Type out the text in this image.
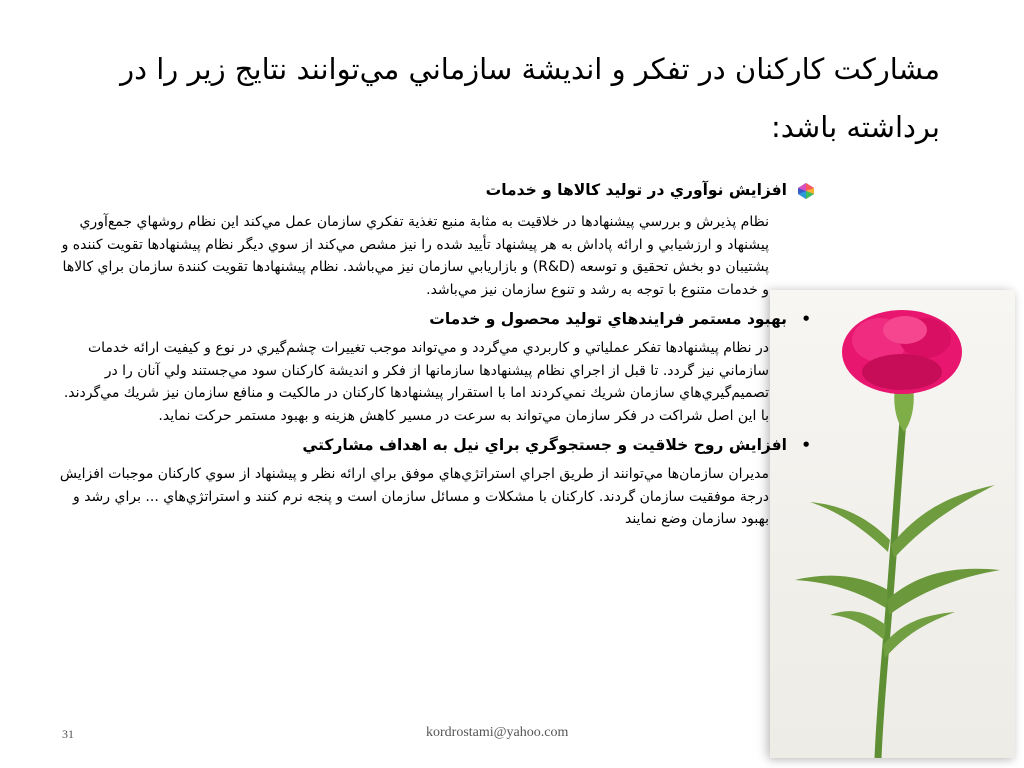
مشاركت كاركنان در تفكر و انديشة سازماني مي‌توانند نتايج زير را در برداشته باشد:
افزايش نوآوري در توليد كالاها و خدمات

نظام پذيرش و بررسي پيشنهادها در خلاقيت به مثابة منبع تغذية تفكري سازمان عمل مي‌كند اين نظام روشهاي جمع‌آوري پيشنهاد و ارزشيابي و ارائه پاداش به هر پيشنهاد تأييد شده را نيز مشص مي‌كند از سوي ديگر نظام پيشنهادها تقويت كننده و پشتيبان دو بخش تحقيق و توسعه (R&D) و بازاريابي سازمان نيز مي‌باشد. نظام پيشنهادها تقويت كنندة سازمان براي كالاها و خدمات متنوع با توجه به رشد و تنوع سازمان نيز مي‌باشد.

•
بهبود مستمر فرايندهاي توليد محصول و خدمات

در نظام پيشنهادها تفكر عملياتي و كاربردي مي‌گردد و مي‌تواند موجب تغييرات چشم‌گيري در نوع و كيفيت ارائه خدمات سازماني نيز گردد. تا قبل از اجراي نظام پيشنهادها سازمانها از فكر و انديشة كاركنان سود مي‌جستند ولي آنان را در تصميم‌گيري‌هاي سازمان شريك نمي‌كردند اما با استقرار پيشنهادها كاركنان در مالكيت و منافع سازمان نيز شريك مي‌گردند. با اين اصل شراكت در فكر سازمان مي‌تواند به سرعت در مسير كاهش هزينه و بهبود مستمر حركت نمايد.

•
افزايش روح خلاقيت و جستجوگري براي نيل به اهداف مشاركتي

مديران سازمان‌ها مي‌توانند از طريق اجراي استراتژي‌هاي موفق براي ارائه نظر و پيشنهاد از سوي كاركنان موجبات افزايش درجة موفقيت سازمان گردند. كاركنان با مشكلات و مسائل سازمان است و پنجه نرم كنند و استراتژي‌هاي ... براي رشد و بهبود سازمان وضع نمايند

31	kordrostami@yahoo.com
